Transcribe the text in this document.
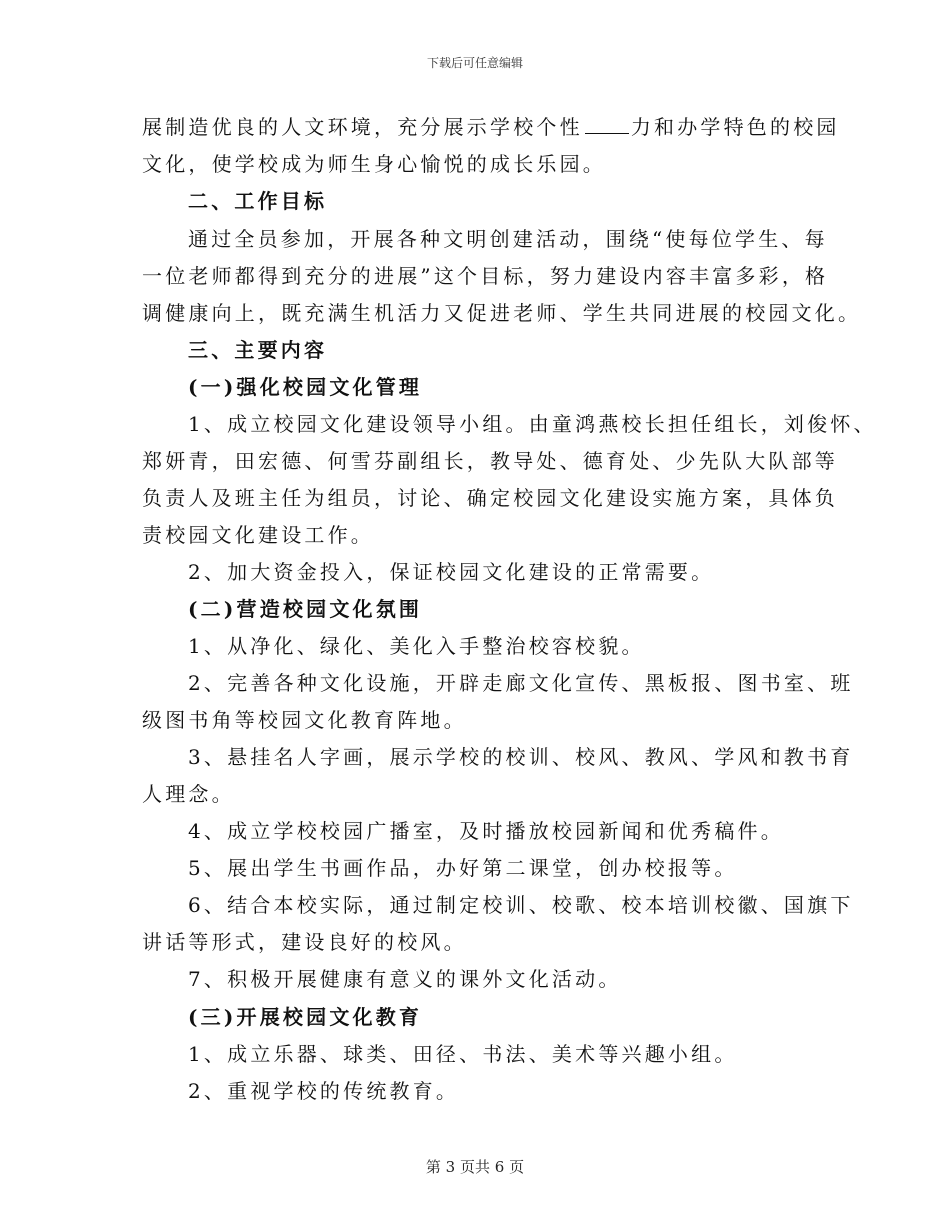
下载后可任意编辑
展制造优良的人文环境，充分展示学校个性 力和办学特色的校园
文化，使学校成为师生身心愉悦的成长乐园。
二、工作目标
通过全员参加，开展各种文明创建活动，围绕“使每位学生、每
一位老师都得到充分的进展”这个目标，努力建设内容丰富多彩，格
调健康向上，既充满生机活力又促进老师、学生共同进展的校园文化。
三、主要内容
(一)强化校园文化管理
1、成立校园文化建设领导小组。由童鸿燕校长担任组长，刘俊怀、
郑妍青，田宏德、何雪芬副组长，教导处、德育处、少先队大队部等
负责人及班主任为组员，讨论、确定校园文化建设实施方案，具体负
责校园文化建设工作。
2、加大资金投入，保证校园文化建设的正常需要。
(二)营造校园文化氛围
1、从净化、绿化、美化入手整治校容校貌。
2、完善各种文化设施，开辟走廊文化宣传、黑板报、图书室、班
级图书角等校园文化教育阵地。
3、悬挂名人字画，展示学校的校训、校风、教风、学风和教书育
人理念。
4、成立学校校园广播室，及时播放校园新闻和优秀稿件。
5、展出学生书画作品，办好第二课堂，创办校报等。
6、结合本校实际，通过制定校训、校歌、校本培训校徽、国旗下
讲话等形式，建设良好的校风。
7、积极开展健康有意义的课外文化活动。
(三)开展校园文化教育
1、成立乐器、球类、田径、书法、美术等兴趣小组。
2、重视学校的传统教育。
第 3 页共 6 页
